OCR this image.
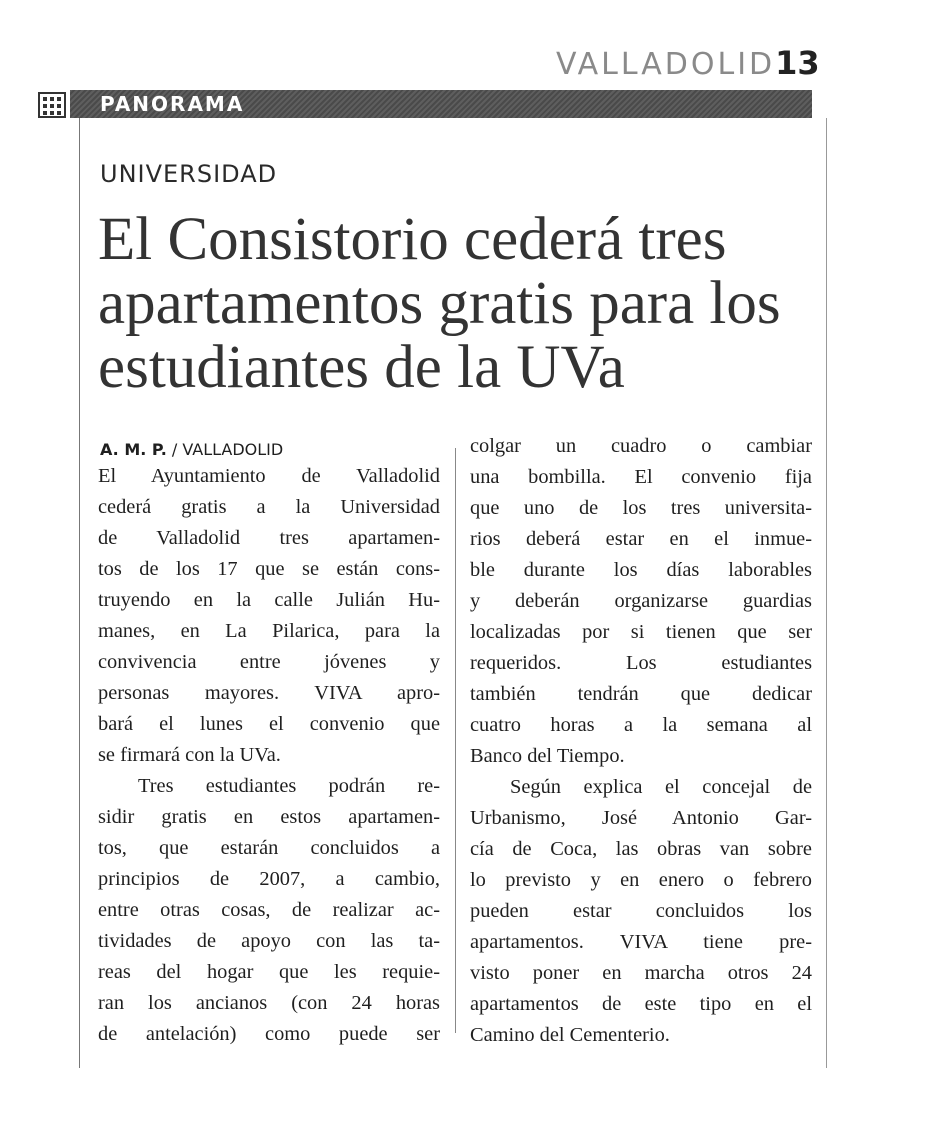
VALLADOLID 13
PANORAMA
UNIVERSIDAD
El Consistorio cederá tres apartamentos gratis para los estudiantes de la UVa
A. M. P. / VALLADOLID
El Ayuntamiento de Valladolid
cederá gratis a la Universidad
de Valladolid tres apartamen-
tos de los 17 que se están cons-
truyendo en la calle Julián Hu-
manes, en La Pilarica, para la
convivencia entre jóvenes y
personas mayores. VIVA apro-
bará el lunes el convenio que
se firmará con la UVa.
Tres estudiantes podrán re-
sidir gratis en estos apartamen-
tos, que estarán concluidos a
principios de 2007, a cambio,
entre otras cosas, de realizar ac-
tividades de apoyo con las ta-
reas del hogar que les requie-
ran los ancianos (con 24 horas
de antelación) como puede ser
colgar un cuadro o cambiar
una bombilla. El convenio fija
que uno de los tres universita-
rios deberá estar en el inmue-
ble durante los días laborables
y deberán organizarse guardias
localizadas por si tienen que ser
requeridos. Los estudiantes
también tendrán que dedicar
cuatro horas a la semana al
Banco del Tiempo.
Según explica el concejal de
Urbanismo, José Antonio Gar-
cía de Coca, las obras van sobre
lo previsto y en enero o febrero
pueden estar concluidos los
apartamentos. VIVA tiene pre-
visto poner en marcha otros 24
apartamentos de este tipo en el
Camino del Cementerio.
